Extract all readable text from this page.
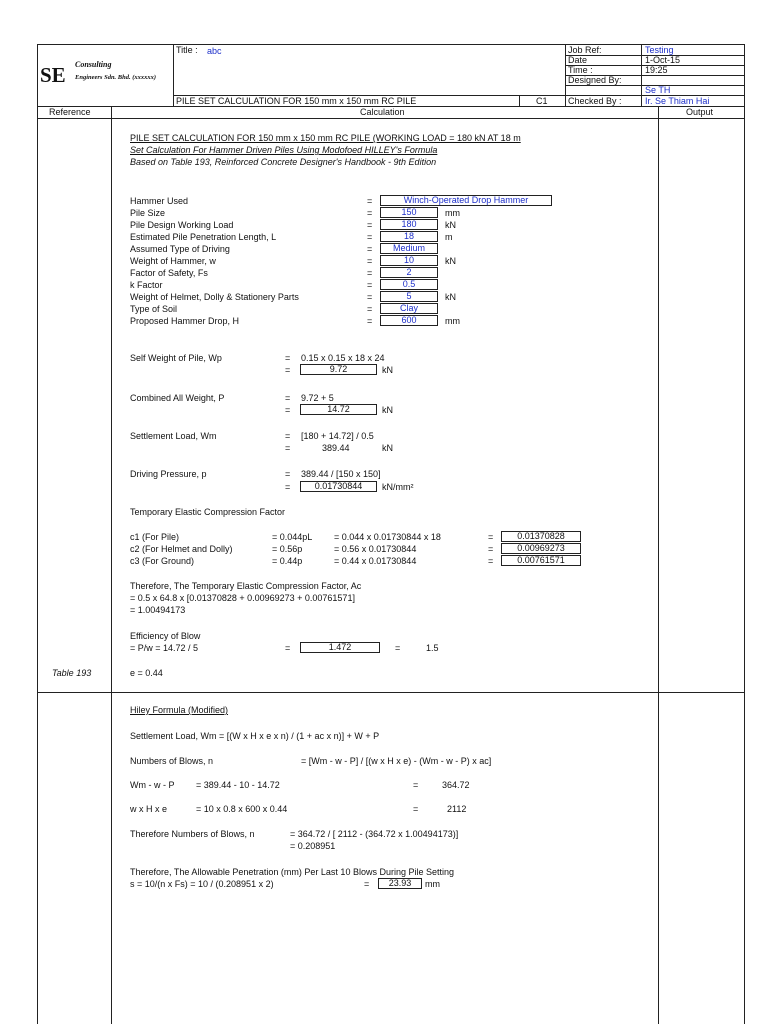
SE Consulting
Engineers Sdn. Bhd. (xxxxxx)
Title : abc
PILE SET CALCULATION FOR 150 mm x 150 mm RC PILE	C1
Job Ref:	Testing
Date	1-Oct-15
Time :	19:25
Designed By:
Se TH
Checked By :	Ir. Se Thiam Hai
Reference	Calculation	Output
PILE SET CALCULATION FOR 150 mm x 150 mm RC PILE (WORKING LOAD = 180 kN AT 18 m
Set Calculation For Hammer Driven Piles Using Modofoed HILLEY's Formula
Based on Table 193, Reinforced Concrete Designer's Handbook - 9th Edition
Hammer Used	=	Winch-Operated Drop Hammer
Pile Size	=	150	mm
Pile Design Working Load	=	180	kN
Estimated Pile Penetration Length, L	=	18	m
Assumed Type of Driving	=	Medium
Weight of Hammer, w	=	10	kN
Factor of Safety, Fs	=	2
k Factor	=	0.5
Weight of Helmet, Dolly & Stationery Parts	=	5	kN
Type of Soil	=	Clay
Proposed Hammer Drop, H	=	600	mm
Self Weight of Pile, Wp	= 0.15 x 0.15 x 18 x 24
=	9.72	kN
Combined All Weight, P	= 9.72 + 5
=	14.72	kN
Settlement Load, Wm	= [180 + 14.72] / 0.5
=	389.44	kN
Driving Pressure, p	= 389.44 / [150 x 150]
=	0.01730844	kN/mm²
Temporary Elastic Compression Factor
c1 (For Pile)	= 0.044pL = 0.044 x 0.01730844 x 18	=	0.01370828
c2 (For Helmet and Dolly)	= 0.56p	= 0.56 x 0.01730844	=	0.00969273
c3 (For Ground)	= 0.44p	= 0.44 x 0.01730844	=	0.00761571
Therefore, The Temporary Elastic Compression Factor, Ac
= 0.5 x 64.8 x [0.01370828 + 0.00969273 + 0.00761571]
= 1.00494173
Efficiency of Blow
= P/w = 14.72 / 5	=	1.472	=	1.5
Table 193	e = 0.44
Hiley Formula (Modified)
Settlement Load, Wm = [(W x H x e x n) / (1 + ac x n)] + W + P
Numbers of Blows, n	= [Wm - w - P] / [(w x H x e) - (Wm - w - P) x ac]
Wm - w - P = 389.44 - 10 - 14.72	=	364.72
w x H x e	= 10 x 0.8 x 600 x 0.44	=	2112
Therefore Numbers of Blows, n	= 364.72 / [ 2112 - (364.72 x 1.00494173)]
= 0.208951
Therefore, The Allowable Penetration (mm) Per Last 10 Blows During Pile Setting
s = 10/(n x Fs) = 10 / (0.208951 x 2)	=	23.93	mm
